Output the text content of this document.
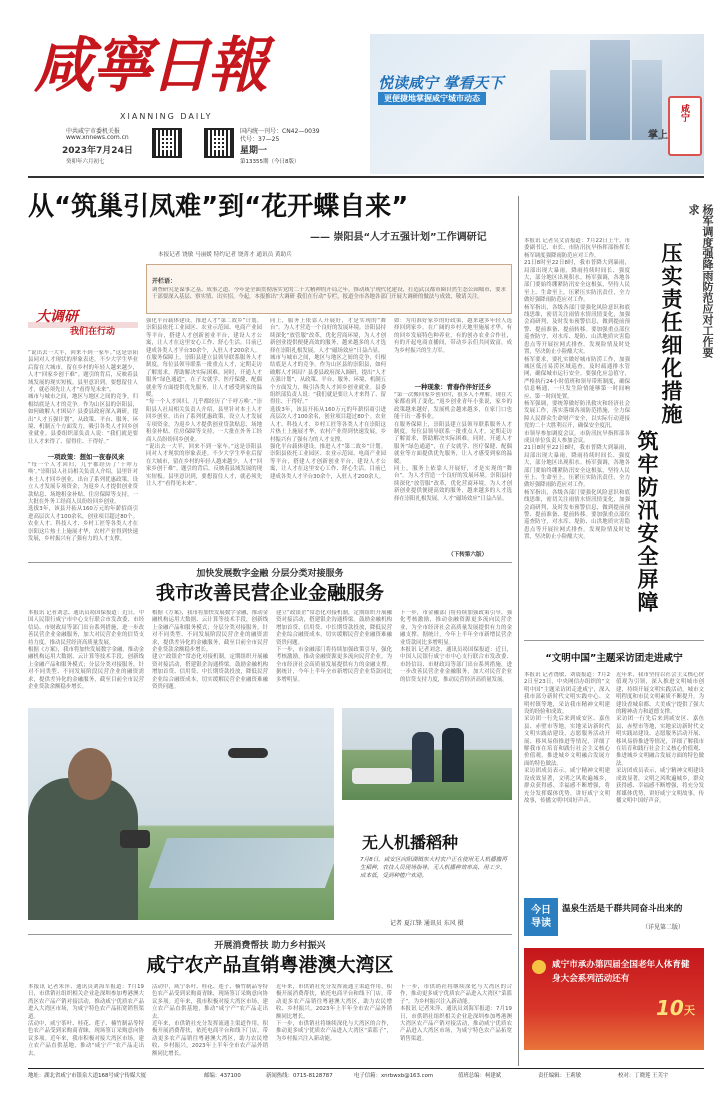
咸寧日報
XIANNING DAILY
中共咸宁市委机关报
www.xnnews.com.cn
2023年7月24日
癸卯年六月初七
国内统一刊号：CN42—0039
代号：37—25
星期一
第13355期（今日8版）
悦读咸宁 掌看天下
更便捷地掌握咸宁城市动态
掌上
咸宁
从“筑巢引凤难”到“花开蝶自来”
—— 崇阳县“人才五强计划”工作调研记
本报记者 饶敏 马丽媛 特约记者 饶菁才 通讯员 黄助兵
大调研
我们在行动
开栏语：
调查研究是谋事之基、成事之道。今年是全面贯彻落实党的二十大精神的开局之年，推动咸宁现代化建设，打造武汉都市圈自然生态公园城市，要求干部要深入基层、察实情、出实招。今起，本报推出“大调研 我们在行动”专栏，报道全市各地各部门开展大调研的做法与成效，敬请关注。
“说出去一大半，回来不到一家车。”这是崇阳县同对人才现状的形象表述。不少大学生毕业后留在大城市，留在乡村的年轻人越来越少，人才“回家乡创干难”。题引的背后，反映着县域发展的现实短板。县里意识到，要想留住人才，就必须先让人才“看得见未来”。
城市与城市之间，地区与地区之间的竞争，归根结底是人才的竞争。作为山区县的崇阳县，如何破解人才困局？县委县政府深入调研，提出“人才五强计划”，从政策、平台、服务、环境、机制五个方面发力，吸引各类人才回乡创业就业。县委组织部负责人说：“我们就是要让人才来得了、留得住、干得好。”
一项政策：想如一夜春风来
“每一个人才回归，几乎都经历了‘千呼万唤’。”崇阳县人社局相关负责人介绍，县里针对本土人才回乡创业，出台了系列优惠政策，设立人才发展专项资金，为返乡人才提供创业贷款贴息、场地租金补贴、住房保障等支持，一大批在外务工经商人员纷纷回乡创业。
选拔3年，该县开拓从160万元的年薪招商引进高层次人才100余名，创业项目超过80个。农业人才、科技人才、乡村工匠等各类人才在崇阳这片热土上施展才华，农村产业得到快速发展，乡村振兴有了强有力的人才支撑。
强化平台载体建设，推进人才“第二故乡”计划。崇阳县依托工业园区、农业示范园、电商产业园等平台，搭建人才创新创业平台，建设人才公寓，让人才在这里安心工作、舒心生活。目前已建成各类人才平台30余个，入驻人才200余人。
在服务保障上，崇阳县建立县领导联系服务人才制度，每位县领导联系一批重点人才，定期走访了解需求，帮助解决实际困难。同时，开通人才服务“绿色通道”，在子女就学、医疗保健、配偶就业等方面提供优先服务，让人才感受到家的温暖。
“每一个人才回归，几乎都经历了‘千呼万唤’。”崇阳县人社局相关负责人介绍，县里针对本土人才回乡创业，出台了系列优惠政策，设立人才发展专项资金，为返乡人才提供创业贷款贴息、场地租金补贴、住房保障等支持，一大批在外务工经商人员纷纷回乡创业。
“说出去一大半，回来不到一家车。”这是崇阳县同对人才现状的形象表述。不少大学生毕业后留在大城市，留在乡村的年轻人越来越少，人才“回家乡创干难”。题引的背后，反映着县域发展的现实短板。县里意识到，要想留住人才，就必须先让人才“看得见未来”。
同上，服务上依靠人开展好，才是实现的“舞台”。为人才营造一个良好的发展环境。崇阳县持续深化“放管服”改革，优化营商环境，为人才创新创业提供便捷高效的服务，越来越多的人才选择在崇阳扎根发展，人才“磁场效应”日益凸显。
城市与城市之间，地区与地区之间的竞争，归根结底是人才的竞争。作为山区县的崇阳县，如何破解人才困局？县委县政府深入调研，提出“人才五强计划”，从政策、平台、服务、环境、机制五个方面发力，吸引各类人才回乡创业就业。县委组织部负责人说：“我们就是要让人才来得了、留得住、干得好。”
选拔3年，该县开拓从160万元的年薪招商引进高层次人才100余名，创业项目超过80个。农业人才、科技人才、乡村工匠等各类人才在崇阳这片热土上施展才华，农村产业得到快速发展，乡村振兴有了强有力的人才支撑。
强化平台载体建设，推进人才“第二故乡”计划。崇阳县依托工业园区、农业示范园、电商产业园等平台，搭建人才创新创业平台，建设人才公寓，让人才在这里安心工作、舒心生活。目前已建成各类人才平台30余个，入驻人才200余人。
如：为用准好家乡的好政策，越来越多年轻人选择回到家乡，在广阔的乡村天地里施展才华。有的回乡发展特色种养业，有的创办农业合作社，有的开起电商直播间，带动乡亲们共同致富，成为乡村振兴的生力军。
一种现象：青春作伴好还乡
“第一次搬回家乡创业时，很多人不理解，现在大家都看到了变化。”返乡创业青年小张说，家乡的政策越来越好，发展机会越来越多，在家门口也能干出一番事业。
在服务保障上，崇阳县建立县领导联系服务人才制度，每位县领导联系一批重点人才，定期走访了解需求，帮助解决实际困难。同时，开通人才服务“绿色通道”，在子女就学、医疗保健、配偶就业等方面提供优先服务，让人才感受到家的温暖。
同上，服务上依靠人开展好，才是实现的“舞台”。为人才营造一个良好的发展环境。崇阳县持续深化“放管服”改革，优化营商环境，为人才创新创业提供便捷高效的服务，越来越多的人才选择在崇阳扎根发展，人才“磁场效应”日益凸显。
（下转第六版）
加快发展数字金融 分层分类对接服务
我市改善民营企业金融服务
本报讯 记者刘念、通讯员曷国保报道：近日，中国人民银行咸宁市中心支行联合市发改委、市经信局、市财政局等部门出台系列措施，进一步改善民营企业金融服务，加大对民营企业的信贷支持力度，推动民营经济高质量发展。
根据《方案》，我市将加快发展数字金融，推动金融机构运用大数据、云计算等技术手段，创新线上金融产品和服务模式；分层分类对接服务，针对不同类型、不同发展阶段民营企业的融资需求，提供差异化的金融服务，截至目前全市民营企业贷款余额稳步增长。
根据《方案》，我市将加快发展数字金融，推动金融机构运用大数据、云计算等技术手段，创新线上金融产品和服务模式；分层分类对接服务，针对不同类型、不同发展阶段民营企业的融资需求，提供差异化的金融服务，截至目前全市民营企业贷款余额稳步增长。
建立“政银企”常态化对接机制，定期组织开展融资对接活动，搭建银企沟通桥梁。鼓励金融机构增加首贷、信用贷、中长期贷款投放，降低民营企业综合融资成本，切实缓解民营企业融资难融资贵问题。
建立“政银企”常态化对接机制，定期组织开展融资对接活动，搭建银企沟通桥梁。鼓励金融机构增加首贷、信用贷、中长期贷款投放，降低民营企业综合融资成本，切实缓解民营企业融资难融资贵问题。
下一步，市金融部门将持续加强政策引导，强化考核激励，推动金融资源更多流向民营企业，为全市经济社会高质量发展提供有力的金融支撑。据统计，今年上半年全市新增民营企业贷款同比多增明显。
下一步，市金融部门将持续加强政策引导，强化考核激励，推动金融资源更多流向民营企业，为全市经济社会高质量发展提供有力的金融支撑。据统计，今年上半年全市新增民营企业贷款同比多增明显。
本报讯 记者刘念、通讯员曷国保报道：近日，中国人民银行咸宁市中心支行联合市发改委、市经信局、市财政局等部门出台系列措施，进一步改善民营企业金融服务，加大对民营企业的信贷支持力度，推动民营经济高质量发展。
无人机播稻种
7月8日，咸安区向阳湖镇东大村农户正在使用无人机播撒再生稻种，农技人员现场指导。无人机播种效率高、用工少、成本低，受到种植户欢迎。
记者 夏江锋 通讯员 东风 摄
开展消费帮扶 助力乡村振兴
咸宁农产品直销粤港澳大湾区
本报讯 记者朱萍、通讯员刘海军报道：7月19日，市供销社组织相关企业赴深圳参加粤港澳大湾区农产品产销对接活动，推动咸宁优质农产品进入大湾区市场，为咸宁特色农产品拓宽销售渠道。
活动中，咸宁茶叶、桂花、莲子、楠竹制品等特色农产品受到采购商青睐，现场签订采购意向协议多项。近年来，我市积极对接大湾区市场，建立农产品直供基地，推动“咸宁产”农产品走出去。
活动中，咸宁茶叶、桂花、莲子、楠竹制品等特色农产品受到采购商青睐，现场签订采购意向协议多项。近年来，我市积极对接大湾区市场，建立农产品直供基地，推动“咸宁产”农产品走出去。
近年来，市供销社充分发挥流通主渠道作用，积极开展消费帮扶，依托电商平台和线下门店，带动更多农产品销往粤港澳大湾区，助力农民增收、乡村振兴，2023年上半年全市农产品外销额同比增长。
近年来，市供销社充分发挥流通主渠道作用，积极开展消费帮扶，依托电商平台和线下门店，带动更多农产品销往粤港澳大湾区，助力农民增收、乡村振兴，2023年上半年全市农产品外销额同比增长。
下一步，市供销社将继续深化与大湾区的合作，推动更多咸宁优质农产品进入大湾区“菜篮子”，为乡村振兴注入新动能。
下一步，市供销社将继续深化与大湾区的合作，推动更多咸宁优质农产品进入大湾区“菜篮子”，为乡村振兴注入新动能。
本报讯 记者朱萍、通讯员刘海军报道：7月19日，市供销社组织相关企业赴深圳参加粤港澳大湾区农产品产销对接活动，推动咸宁优质农产品进入大湾区市场，为咸宁特色农产品拓宽销售渠道。
本报讯 记者吴文清报道：7月22日上午，市委副书记、市长、市防汛抗旱指挥部指挥长杨军调度强降雨防范应对工作。
21日8时至22日8时，我市普降大到暴雨，局部出现大暴雨，降雨持续时间长、强度大，部分地区出现积水。杨军强调，各地各部门要始终绷紧防汛安全这根弦，坚持人民至上、生命至上，压紧压实防汛责任，全力做好强降雨防范应对工作。
杨军指出，各级各部门要强化风险意识和底线思维，密切关注雨情水情汛情变化，加强会商研判，及时发布预警信息，做到提前预警、提前准备、提前转移。要加强重点部位巡查防守，对水库、堤防、山洪地质灾害隐患点等开展拉网式排查，发现险情及时处置，坚决防止小险酿大灾。
杨军要求，要扎实做好城市防涝工作，加强城区低洼易涝区域巡查，及时疏通排水管网，确保城市运行安全。要强化应急值守，严格执行24小时值班和领导带班制度，确保信息畅通，一旦发生险情能够第一时间响应、第一时间处置。
杨军强调，要统筹做好防汛救灾和经济社会发展工作，落实落细各项防范措施，全力保障人民群众生命财产安全，以实际行动迎接党的二十大胜利召开，确保安全度汛。
市领导参加调度会议。市防汛抗旱指挥部各成员单位负责人参加会议。
21日8时至22日8时，我市普降大到暴雨，局部出现大暴雨，降雨持续时间长、强度大，部分地区出现积水。杨军强调，各地各部门要始终绷紧防汛安全这根弦，坚持人民至上、生命至上，压紧压实防汛责任，全力做好强降雨防范应对工作。
杨军指出，各级各部门要强化风险意识和底线思维，密切关注雨情水情汛情变化，加强会商研判，及时发布预警信息，做到提前预警、提前准备、提前转移。要加强重点部位巡查防守，对水库、堤防、山洪地质灾害隐患点等开展拉网式排查，发现险情及时处置，坚决防止小险酿大灾。
杨军调度强降雨防范应对工作要求
压实责任细化措施
筑牢防汛安全屏障
“文明中国”主题采访团走进咸宁
本报讯 记者饶敏、刘震报道：7月22日至23日，中央网信办组织的“文明中国”主题采访团走进咸宁，深入我市部分新时代文明实践中心、文明村镇等地，采访我市精神文明建设的经验和成效。
采访团一行先后来到咸安区、嘉鱼县、赤壁市等地，实地采访新时代文明实践站建设、志愿服务活动开展、移风易俗推进等情况，详细了解我市在培育和践行社会主义核心价值观、推进城乡文明融合发展方面的特色做法。
采访团成员表示，咸宁精神文明建设成效显著，文明之风吹遍城乡，群众获得感、幸福感不断增强，将充分发挥媒体优势，讲好咸宁文明故事，传播文明中国好声音。
近年来，我市坚持以社会主义核心价值观为引领，深入推进文明城市创建，持续开展文明实践活动，城市文明程度和市民文明素质不断提升，为建设香城泉都、大美咸宁提供了强大的精神动力和道德支撑。
采访团一行先后来到咸安区、嘉鱼县、赤壁市等地，实地采访新时代文明实践站建设、志愿服务活动开展、移风易俗推进等情况，详细了解我市在培育和践行社会主义核心价值观、推进城乡文明融合发展方面的特色做法。
采访团成员表示，咸宁精神文明建设成效显著，文明之风吹遍城乡，群众获得感、幸福感不断增强，将充分发挥媒体优势，讲好咸宁文明故事，传播文明中国好声音。
今日导读
温泉生活是千群共同奋斗出来的
（详见第二版）
咸宁市承办第四届全国老年人体育健身大会系列活动还有
10 天
地址：湖北省咸宁市银泉大道168号咸宁传媒大厦	邮编：437100	新闻热线：0715-8128787	电子信箱：xnrbwxb@163.com	值班总编：柯建斌	责任编辑：王莉敏	校对：丁晓莲 王芙宇
